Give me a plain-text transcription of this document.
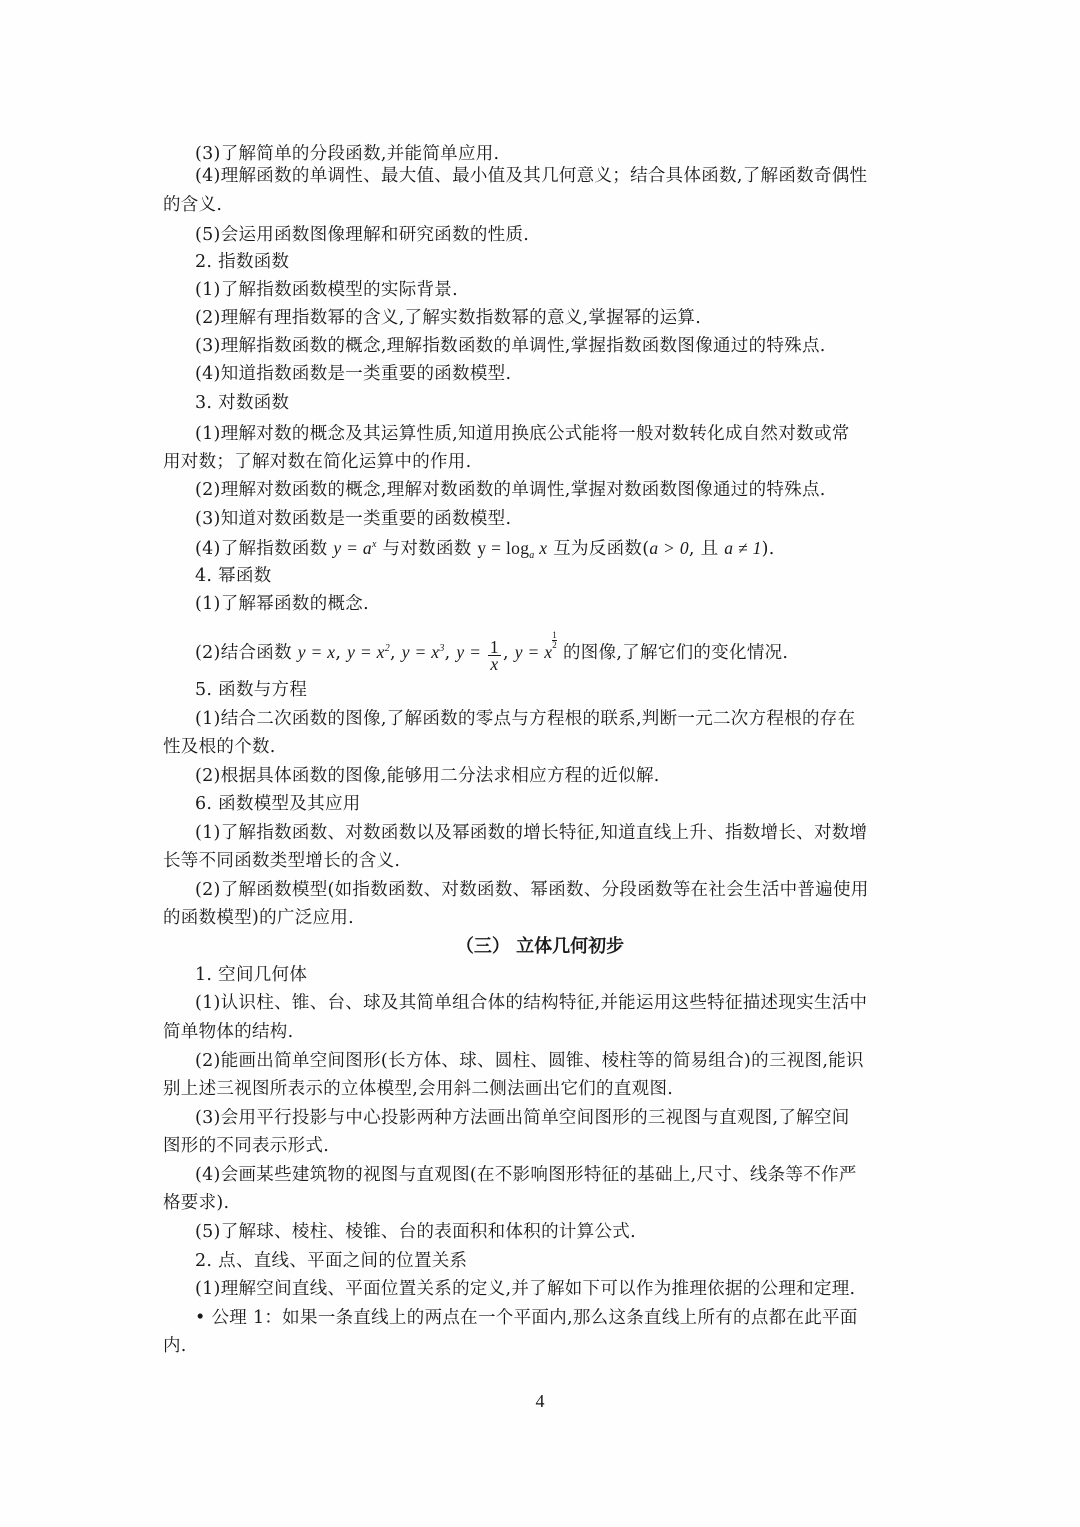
(3)了解简单的分段函数,并能简单应用.
(4)理解函数的单调性、最大值、最小值及其几何意义；结合具体函数,了解函数奇偶性
的含义.
(5)会运用函数图像理解和研究函数的性质.
2. 指数函数
(1)了解指数函数模型的实际背景.
(2)理解有理指数幂的含义,了解实数指数幂的意义,掌握幂的运算.
(3)理解指数函数的概念,理解指数函数的单调性,掌握指数函数图像通过的特殊点.
(4)知道指数函数是一类重要的函数模型.
3. 对数函数
(1)理解对数的概念及其运算性质,知道用换底公式能将一般对数转化成自然对数或常
用对数；了解对数在简化运算中的作用.
(2)理解对数函数的概念,理解对数函数的单调性,掌握对数函数图像通过的特殊点.
(3)知道对数函数是一类重要的函数模型.
(4)了解指数函数 $y = a^x$ 与对数函数 $y = \log_a x$ 互为反函数(a > 0, 且 a ≠ 1).
4. 幂函数
(1)了解幂函数的概念.
(2)结合函数 y = x, $y = x^2$, $y = x^3$, $y = \frac{1}{x}$ , y = x
$^{\frac{1}{2}}$
的图像,了解它们的变化情况.
5. 函数与方程
(1)结合二次函数的图像,了解函数的零点与方程根的联系,判断一元二次方程根的存在
性及根的个数.
(2)根据具体函数的图像,能够用二分法求相应方程的近似解.
6. 函数模型及其应用
(1)了解指数函数、对数函数以及幂函数的增长特征,知道直线上升、指数增长、对数增
长等不同函数类型增长的含义.
(2)了解函数模型(如指数函数、对数函数、幂函数、分段函数等在社会生活中普遍使用
的函数模型)的广泛应用.
（三） 立体几何初步
1. 空间几何体
(1)认识柱、锥、台、球及其简单组合体的结构特征,并能运用这些特征描述现实生活中
简单物体的结构.
(2)能画出简单空间图形(长方体、球、圆柱、圆锥、棱柱等的简易组合)的三视图,能识
别上述三视图所表示的立体模型,会用斜二侧法画出它们的直观图.
(3)会用平行投影与中心投影两种方法画出简单空间图形的三视图与直观图,了解空间
图形的不同表示形式.
(4)会画某些建筑物的视图与直观图(在不影响图形特征的基础上,尺寸、线条等不作严
格要求).
(5)了解球、棱柱、棱锥、台的表面积和体积的计算公式.
2. 点、直线、平面之间的位置关系
(1)理解空间直线、平面位置关系的定义,并了解如下可以作为推理依据的公理和定理.
• 公理 1：如果一条直线上的两点在一个平面内,那么这条直线上所有的点都在此平面
内.
4
